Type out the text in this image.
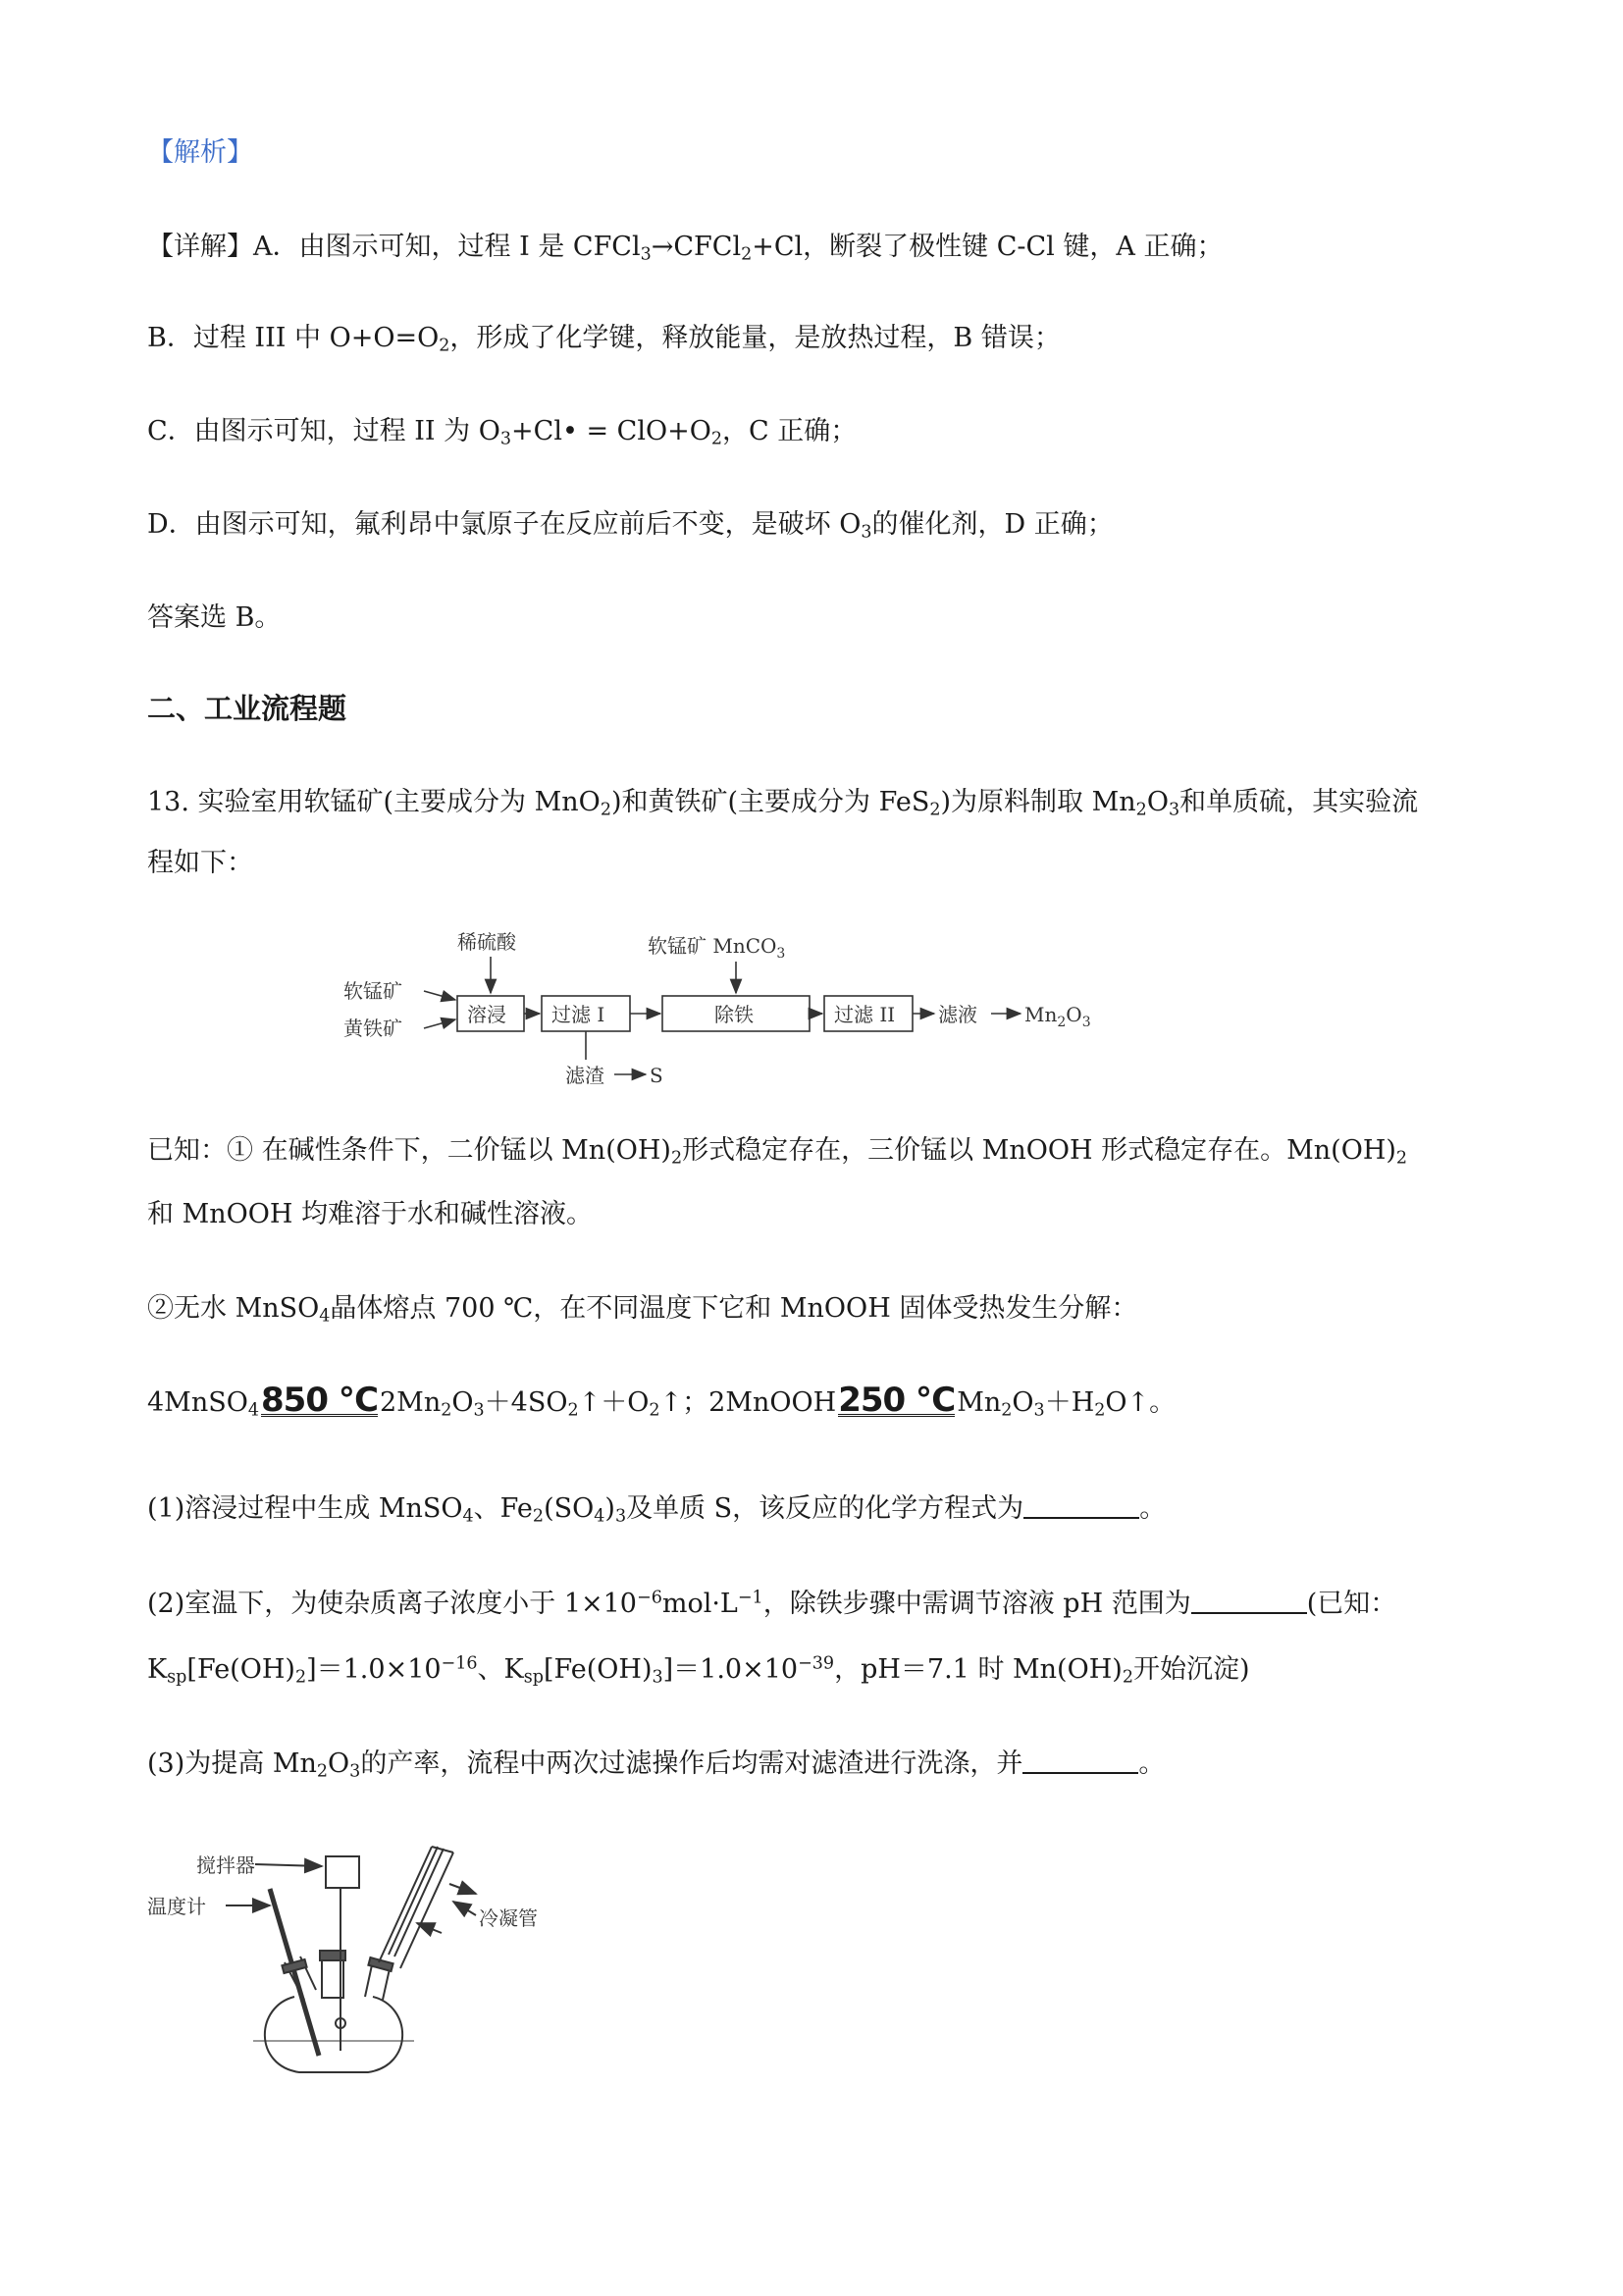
【解析】
【详解】A．由图示可知，过程 I 是 CFCl$_3$→CFCl$_2$+Cl，断裂了极性键 C-Cl 键，A 正确；
B．过程 III 中 $O+O=O_2$，形成了化学键，释放能量，是放热过程，B 错误；
C．由图示可知，过程 II 为 $O_3+Cl• = ClO+O_2$，C 正确；
D．由图示可知，氟利昂中氯原子在反应前后不变，是破坏 $O_3$的催化剂，D 正确；
答案选 B。
二、工业流程题
13. 实验室用软锰矿(主要成分为 MnO$_2$)和黄铁矿(主要成分为 FeS$_2$)为原料制取 $Mn_2O_3$和单质硫，其实验流
程如下：
软锰矿
黄铁矿
稀硫酸
溶浸 过滤 I	除铁	过滤 II
软锰矿 MnCO$_3$
滤渣 S
滤液 $Mn_2O_3$
已知：① 在碱性条件下，二价锰以 $Mn(OH)_2$形式稳定存在，三价锰以 MnOOH 形式稳定存在。$Mn(OH)_2$
和 MnOOH 均难溶于水和碱性溶液。
②无水 MnSO$_4$晶体熔点 700 ℃，在不同温度下它和 MnOOH 固体受热发生分解：
4MnSO$_4$ 850 ℃ $2Mn_2O_3+4SO_2↑+O_2↑$；2MnOOH 250 ℃ $Mn_2O_3+H_2O↑$。
(1)溶浸过程中生成 MnSO$_4$、$Fe_2(SO_4)_3$及单质 S，该反应的化学方程式为	。
(2)室温下，为使杂质离子浓度小于 $1\times 10^{-6}mol\cdot L^{-1}$，除铁步骤中需调节溶液 pH 范围为	(已知：
$K_{sp}[Fe(OH)_2]=1.0\times 10^{-16}$、$K_{sp}[Fe(OH)_3]=1.0\times 10^{-39}$，pH＝7.1 时 $Mn(OH)_2$开始沉淀)
(3)为提高 $Mn_2O_3$的产率，流程中两次过滤操作后均需对滤渣进行洗涤，并	。
搅拌器
温度计	冷凝管
